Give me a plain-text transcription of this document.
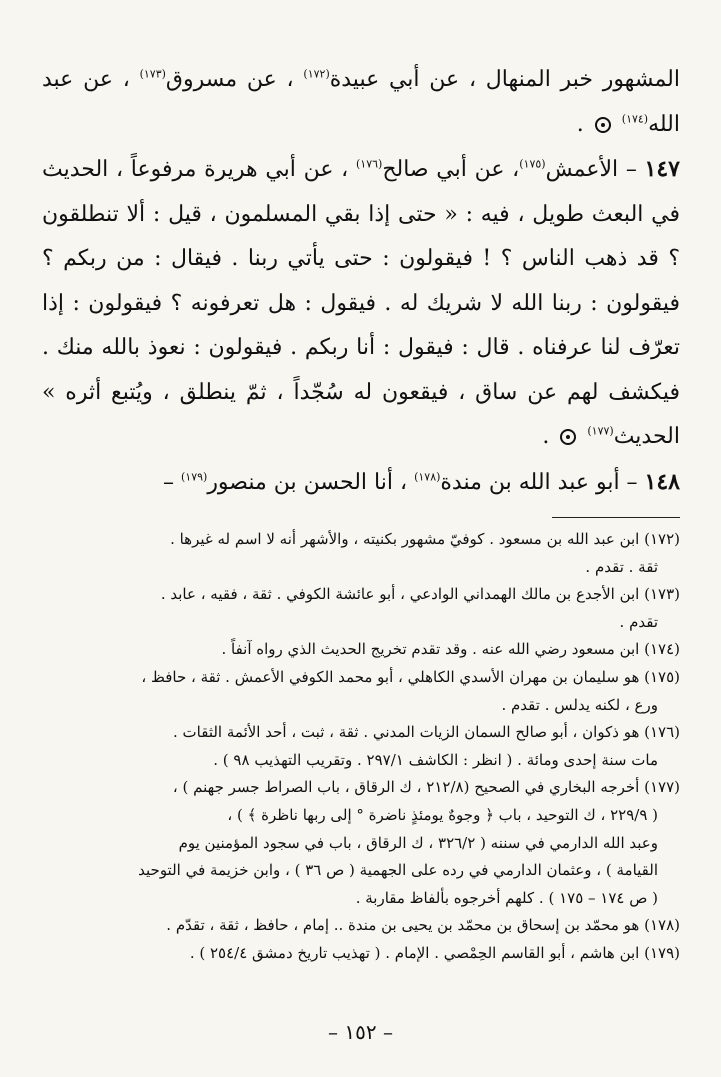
المشهور خبر المنهال ، عن أبي عبيدة$^{(١٧٢)}$ ، عن مسروق$^{(١٧٣)}$ ، عن عبد الله$^{(١٧٤)}$  .

١٤٧ – الأعمش$^{(١٧٥)}$، عن أبي صالح$^{(١٧٦)}$ ، عن أبي هريرة مرفوعاً ، الحديث في البعث طويل ، فيه : « حتى إذا بقي المسلمون ، قيل : ألا تنطلقون ؟ قد ذهب الناس ؟ ! فيقولون : حتى يأتي ربنا . فيقال : من ربكم ؟ فيقولون : ربنا الله لا شريك له . فيقول : هل تعرفونه ؟ فيقولون : إذا تعرّف لنا عرفناه . قال : فيقول : أنا ربكم . فيقولون : نعوذ بالله منك . فيكشف لهم عن ساق ، فيقعون له سُجّداً ، ثمّ ينطلق ، ويُتبع أثره » الحديث$^{(١٧٧)}$  .

١٤٨ – أبو عبد الله بن مندة$^{(١٧٨)}$ ، أنا الحسن بن منصور$^{(١٧٩)}$ –

(١٧٢) ابن عبد الله بن مسعود . كوفيّ مشهور بكنيته ، والأشهر أنه لا اسم له غيرها .

ثقة . تقدم .

(١٧٣) ابن الأجدع بن مالك الهمداني الوادعي ، أبو عائشة الكوفي . ثقة ، فقيه ، عابد .

تقدم .

(١٧٤) ابن مسعود رضي الله عنه . وقد تقدم تخريج الحديث الذي رواه آنفاً .

(١٧٥) هو سليمان بن مهران الأسدي الكاهلي ، أبو محمد الكوفي الأعمش . ثقة ، حافظ ،

ورع ، لكنه يدلس . تقدم .

(١٧٦) هو ذكوان ، أبو صالح السمان الزيات المدني . ثقة ، ثبت ، أحد الأئمة الثقات .

مات سنة إحدى ومائة . ( انظر : الكاشف ٢٩٧/١ . وتقريب التهذيب ٩٨ ) .

(١٧٧) أخرجه البخاري في الصحيح (٢١٢/٨ ، ك الرقاق ، باب الصراط جسر جهنم ) ،

( ٢٢٩/٩ ، ك التوحيد ، باب ﴿ وجوهٌ يومئذٍ ناضرة ° إلى ربها ناظرة ﴾ ) ،

وعبد الله الدارمي في سننه ( ٣٢٦/٢ ، ك الرقاق ، باب في سجود المؤمنين يوم

القيامة ) ، وعثمان الدارمي في رده على الجهمية ( ص ٣٦ ) ، وابن خزيمة في التوحيد

( ص ١٧٤ – ١٧٥ ) . كلهم أخرجوه بألفاظ مقاربة .

(١٧٨) هو محمّد بن إسحاق بن محمّد بن يحيى بن مندة .. إمام ، حافظ ، ثقة ، تقدّم .

(١٧٩) ابن هاشم ، أبو القاسم الحِمْصي . الإمام . ( تهذيب تاريخ دمشق ٢٥٤/٤ ) .

– ١٥٢ –
